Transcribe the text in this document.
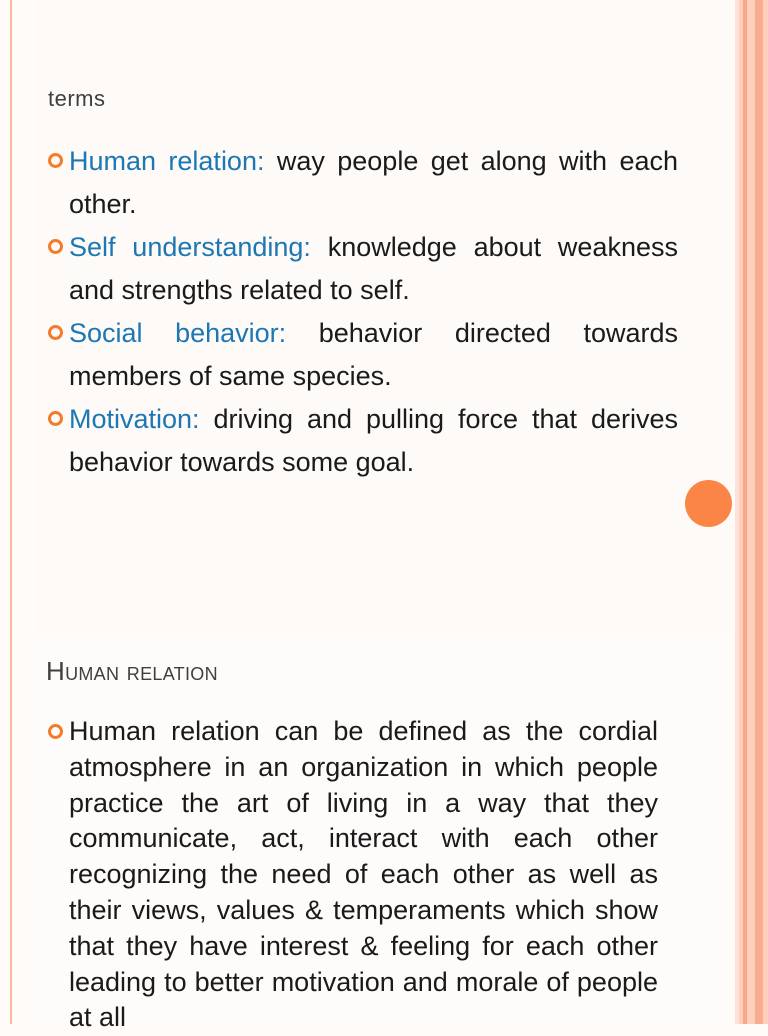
terms
Human relation: way people get along with each other.
Self understanding: knowledge about weakness and strengths related to self.
Social behavior: behavior directed towards members of same species.
Motivation: driving and pulling force that derives behavior towards some goal.
Human relation
Human relation can be defined as the cordial atmosphere in an organization in which people practice the art of living in a way that they communicate, act, interact with each other recognizing the need of each other as well as their views, values & temperaments which show that they have interest & feeling for each other leading to better motivation and morale of people at all
